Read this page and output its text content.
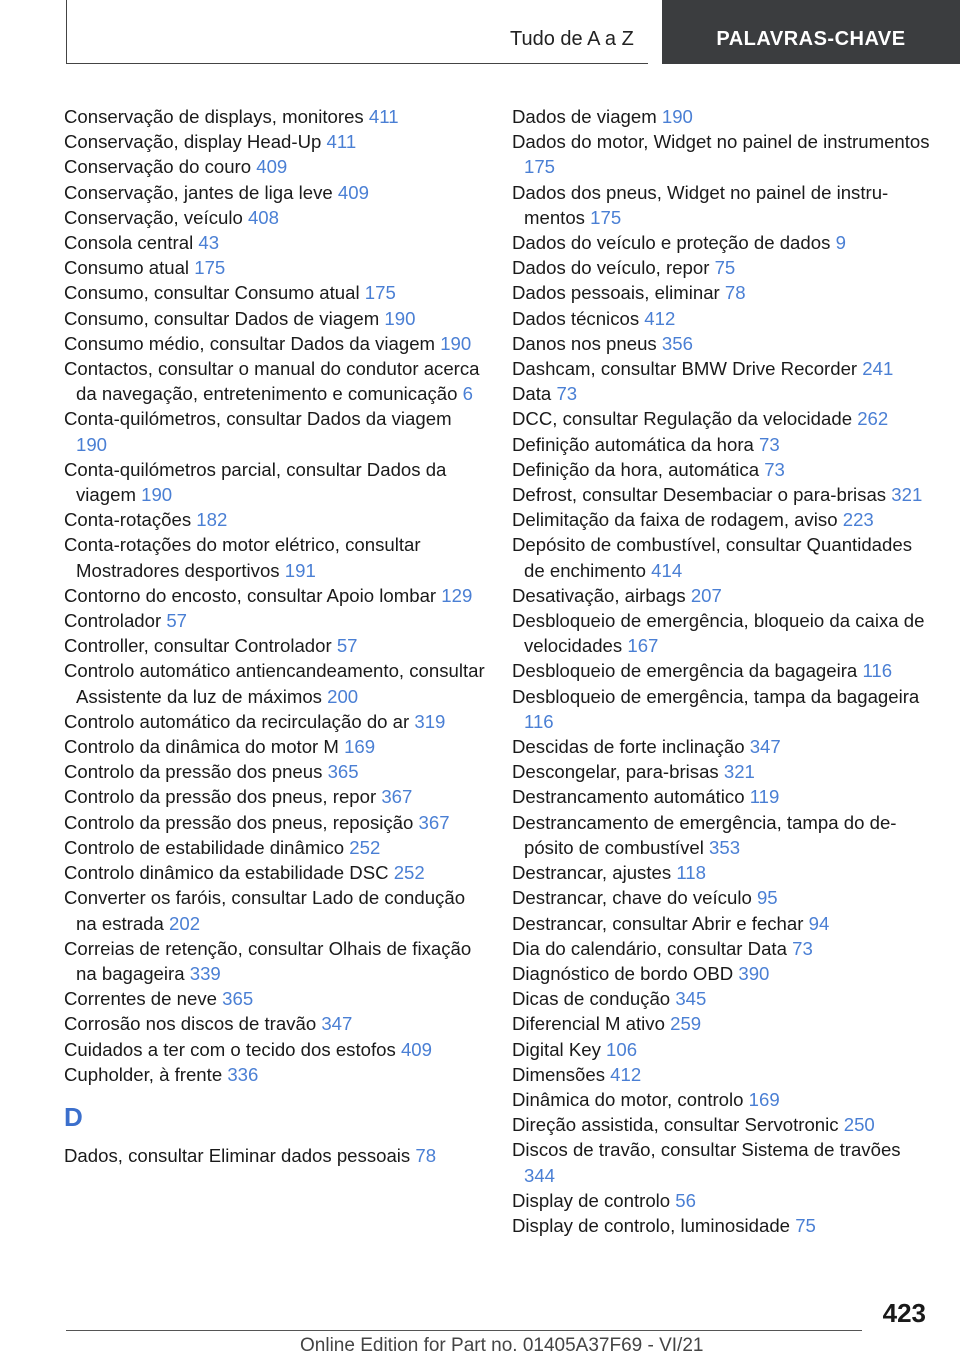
Tudo de A a Z	PALAVRAS-CHAVE

Conservação de displays, monitores 411

Conservação, display Head-Up 411

Conservação do couro 409

Conservação, jantes de liga leve 409

Conservação, veículo 408

Consola central 43

Consumo atual 175

Consumo, consultar Consumo atual 175

Consumo, consultar Dados de viagem 190

Consumo médio, consultar Dados da viagem 190

Contactos, consultar o manual do condutor acerca da navegação, entretenimento e comunicação 6

Conta-quilómetros, consultar Dados da viagem 190

Conta-quilómetros parcial, consultar Dados da viagem 190

Conta-rotações 182

Conta-rotações do motor elétrico, consultar Mostradores desportivos 191

Contorno do encosto, consultar Apoio lombar 129

Controlador 57

Controller, consultar Controlador 57

Controlo automático antiencandeamento, consultar Assistente da luz de máximos 200

Controlo automático da recirculação do ar 319

Controlo da dinâmica do motor M 169

Controlo da pressão dos pneus 365

Controlo da pressão dos pneus, repor 367

Controlo da pressão dos pneus, reposição 367

Controlo de estabilidade dinâmico 252

Controlo dinâmico da estabilidade DSC 252

Converter os faróis, consultar Lado de condução na estrada 202

Correias de retenção, consultar Olhais de fixação na bagageira 339

Correntes de neve 365

Corrosão nos discos de travão 347

Cuidados a ter com o tecido dos estofos 409

Cupholder, à frente 336

D

Dados, consultar Eliminar dados pessoais 78

Dados de viagem 190

Dados do motor, Widget no painel de instrumentos 175

Dados dos pneus, Widget no painel de instrumentos 175

Dados do veículo e proteção de dados 9

Dados do veículo, repor 75

Dados pessoais, eliminar 78

Dados técnicos 412

Danos nos pneus 356

Dashcam, consultar BMW Drive Recorder 241

Data 73

DCC, consultar Regulação da velocidade 262

Definição automática da hora 73

Definição da hora, automática 73

Defrost, consultar Desembaciar o para-brisas 321

Delimitação da faixa de rodagem, aviso 223

Depósito de combustível, consultar Quantidades de enchimento 414

Desativação, airbags 207

Desbloqueio de emergência, bloqueio da caixa de velocidades 167

Desbloqueio de emergência da bagageira 116

Desbloqueio de emergência, tampa da bagageira 116

Descidas de forte inclinação 347

Descongelar, para-brisas 321

Destrancamento automático 119

Destrancamento de emergência, tampa do depósito de combustível 353

Destrancar, ajustes 118

Destrancar, chave do veículo 95

Destrancar, consultar Abrir e fechar 94

Dia do calendário, consultar Data 73

Diagnóstico de bordo OBD 390

Dicas de condução 345

Diferencial M ativo 259

Digital Key 106

Dimensões 412

Dinâmica do motor, controlo 169

Direção assistida, consultar Servotronic 250

Discos de travão, consultar Sistema de travões 344

Display de controlo 56

Display de controlo, luminosidade 75

423
Online Edition for Part no. 01405A37F69 - VI/21
